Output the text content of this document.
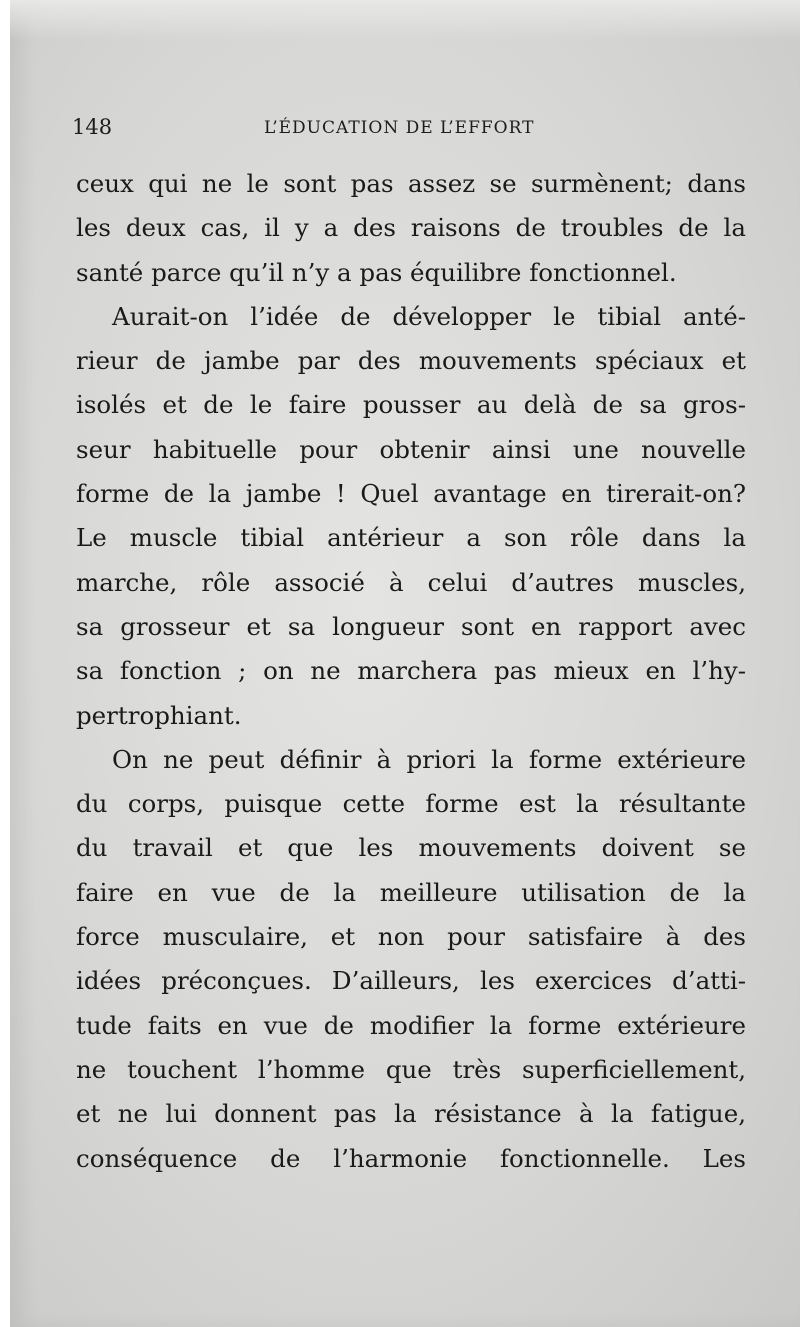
148	L’ÉDUCATION DE L’EFFORT
ceux qui ne le sont pas assez se surmènent; dans
les deux cas, il y a des raisons de troubles de la
santé parce qu’il n’y a pas équilibre fonctionnel.
Aurait-on l’idée de développer le tibial anté-
rieur de jambe par des mouvements spéciaux et
isolés et de le faire pousser au delà de sa gros-
seur habituelle pour obtenir ainsi une nouvelle
forme de la jambe ! Quel avantage en tirerait-on?
Le muscle tibial antérieur a son rôle dans la
marche, rôle associé à celui d’autres muscles,
sa grosseur et sa longueur sont en rapport avec
sa fonction ; on ne marchera pas mieux en l’hy-
pertrophiant.
On ne peut définir à priori la forme extérieure
du corps, puisque cette forme est la résultante
du travail et que les mouvements doivent se
faire en vue de la meilleure utilisation de la
force musculaire, et non pour satisfaire à des
idées préconçues. D’ailleurs, les exercices d’atti-
tude faits en vue de modifier la forme extérieure
ne touchent l’homme que très superficiellement,
et ne lui donnent pas la résistance à la fatigue,
conséquence de l’harmonie fonctionnelle. Les
